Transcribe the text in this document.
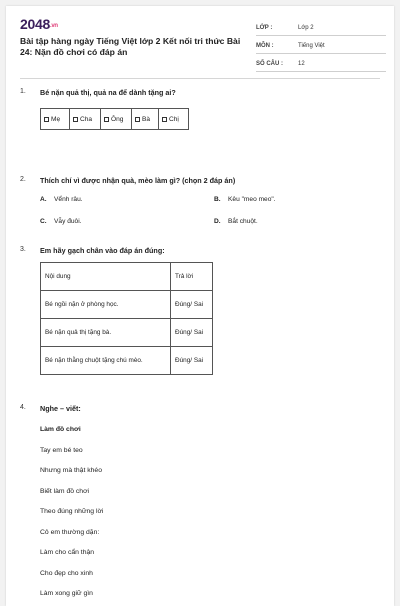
2048.vn
Bài tập hàng ngày Tiếng Việt lớp 2 Kết nối tri thức Bài 24: Nặn đồ chơi có đáp án
LỚP :	Lớp 2
MÔN :	Tiếng Việt
SỐ CÂU :	12
1. Bé nặn quả thị, quả na để dành tặng ai?
Mẹ	Cha	Ông	Bà	Chị
2. Thích chí vì được nhận quà, mèo làm gì? (chọn 2 đáp án)
A. Vểnh râu.	B. Kêu "meo meo".
C. Vẫy đuôi.	D. Bắt chuột.
3. Em hãy gạch chân vào đáp án đúng:
Nội dung	Trả lời
Bé ngồi nặn ở phòng học.	Đúng/ Sai
Bé nặn quả thị tặng bà.	Đúng/ Sai
Bé nặn thằng chuột tặng chú mèo.	Đúng/ Sai
4. Nghe – viết:
Làm đồ chơi
Tay em bé teo
Nhưng mà thật khéo
Biết làm đồ chơi
Theo đúng những lời
Cô em thường dặn:
Làm cho cẩn thận
Cho đẹp cho xinh
Làm xong giữ gìn
